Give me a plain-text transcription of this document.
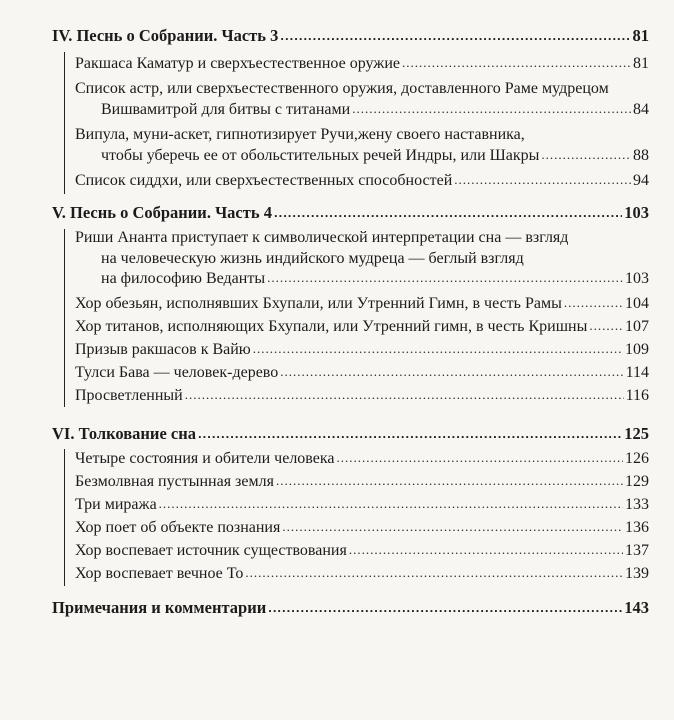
IV. Песнь о Собрании. Часть 3 .....	81
Ракшаса Каматур и сверхъестественное оружие .....	81
Список астр, или сверхъестественного оружия, доставленного Раме мудрецом
Вишвамитрой для битвы с титанами .....	84
Випула, муни-аскет, гипнотизирует Ручи,жену своего наставника,
чтобы уберечь ее от обольстительных речей Индры, или Шакры .....	88
Список сиддхи, или сверхъестественных способностей .....	94
V. Песнь о Собрании. Часть 4 .....	103
Риши Ананта приступает к символической интерпретации сна — взгляд
на человеческую жизнь индийского мудреца — беглый взгляд
на философию Веданты .....	103
Хор обезьян, исполнявших Бхупали, или Утренний Гимн, в честь Рамы .....	104
Хор титанов, исполняющих Бхупали, или Утренний гимн, в честь Кришны ..... 107
Призыв ракшасов к Вайю .....	109
Тулси Бава — человек-дерево .....	114
Просветленный .....	116
VI. Толкование сна .....	125
Четыре состояния и обители человека .....	126
Безмолвная пустынная земля .....	129
Три миража .....	133
Хор поет об объекте познания .....	136
Хор воспевает источник существования .....	137
Хор воспевает вечное То .....	139
Примечания и комментарии .....	143
